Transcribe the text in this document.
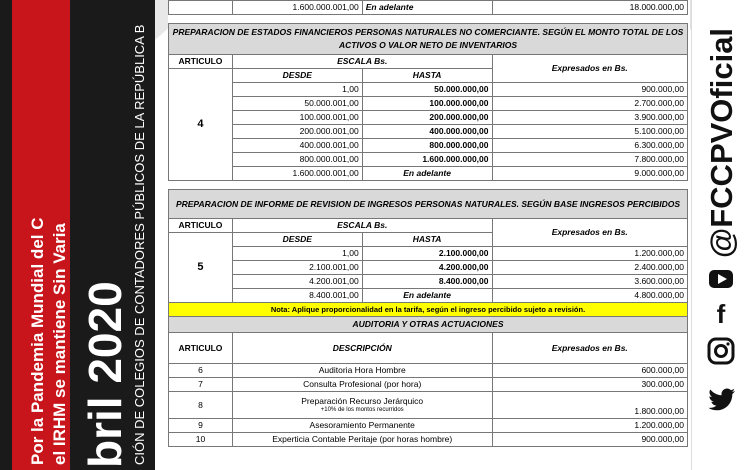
Por la Pandemia Mundial del C el IRHM se mantiene Sin Varia bril 2020 CIÓN DE COLEGIOS DE CONTADORES PÚBLICOS DE LA REPÚBLICA B
	1.600.000.001,00	En adelante	18.000.000,00

PREPARACION DE ESTADOS FINANCIEROS PERSONAS NATURALES NO COMERCIANTE. SEGÚN EL MONTO TOTAL DE LOS ACTIVOS O VALOR NETO DE INVENTARIOS			
ARTICULO	ESCALA Bs.		Expresados en Bs.
4	DESDE	HASTA	
	1,00	50.000.000,00	900.000,00
	50.000.001,00	100.000.000,00	2.700.000,00
	100.000.001,00	200.000.000,00	3.900.000,00
	200.000.001,00	400.000.000,00	5.100.000,00
	400.000.001,00	800.000.000,00	6.300.000,00
	800.000.001,00	1.600.000.000,00	7.800.000,00
	1.600.000.001,00	En adelante	9.000.000,00

PREPARACION DE INFORME DE REVISION DE INGRESOS PERSONAS NATURALES. SEGÚN BASE INGRESOS PERCIBIDOS			
ARTICULO	ESCALA Bs.		Expresados en Bs.
5	DESDE	HASTA	
	1,00	2.100.000,00	1.200.000,00
	2.100.001,00	4.200.000,00	2.400.000,00
	4.200.001,00	8.400.000,00	3.600.000,00
	8.400.001,00	En adelante	4.800.000,00
Nota: Aplique proporcionalidad en la tarifa, según el ingreso percibido sujeto a revisión.			
AUDITORIA Y OTRAS ACTUACIONES			
ARTICULO	DESCRIPCIÓN		Expresados en Bs.
6	Auditoria Hora Hombre		600.000,00
7	Consulta Profesional (por hora)		300.000,00
8	Preparación Recurso Jerárquico
+10% de los montos recurridos		1.800.000,00
9	Asesoramiento Permanente		1.200.000,00
10	Experticia Contable Peritaje (por horas hombre)		900.000,00
@FCCPVOficial
f
